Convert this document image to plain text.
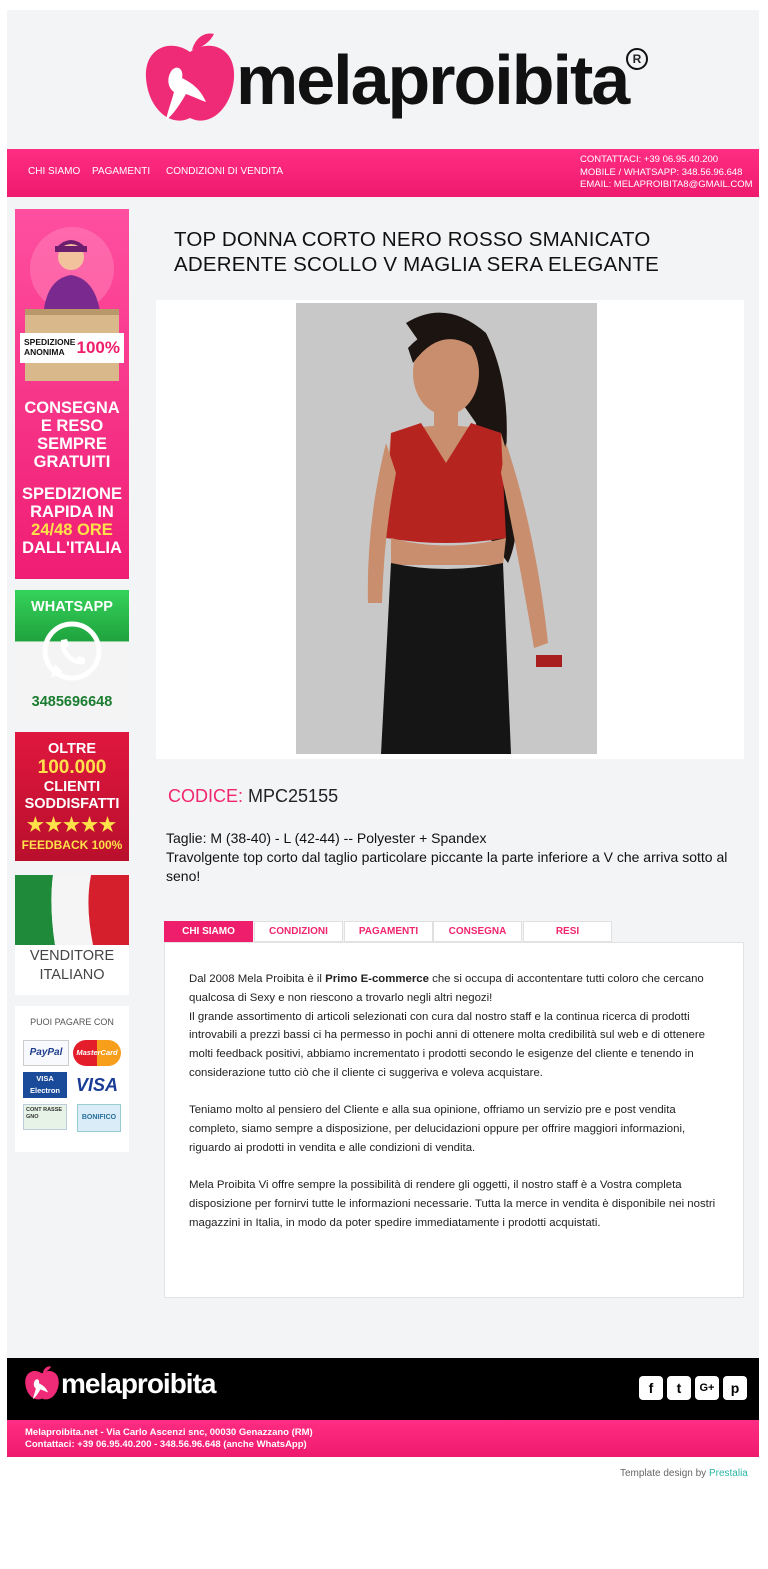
melaproibita R
CHI SIAMO PAGAMENTI CONDIZIONI DI VENDITA
CONTATTACI: +39 06.95.40.200
MOBILE / WHATSAPP: 348.56.96.648
EMAIL: MELAPROIBITA8@GMAIL.COM
SPEDIZIONE
ANONIMA 100%
CONSEGNA
E RESO
SEMPRE
GRATUITI
SPEDIZIONE
RAPIDA IN
24/48 ORE
DALL'ITALIA
WHATSAPP
3485696648
OLTRE
100.000
CLIENTI
SODDISFATTI
★★★★★
FEEDBACK 100%
VENDITORE
ITALIANO
PUOI PAGARE CON
PayPal	MasterCard
VISA Electron VISA
CONT RASSE GNO	BONIFICO
TOP DONNA CORTO NERO ROSSO SMANICATO ADERENTE SCOLLO V MAGLIA SERA ELEGANTE
CODICE: MPC25155
Taglie: M (38-40) - L (42-44) -- Polyester + Spandex
Travolgente top corto dal taglio particolare piccante la parte inferiore a V che arriva sotto al seno!
CHI SIAMO	CONDIZIONI	PAGAMENTI	CONSEGNA	RESI

Dal 2008 Mela Proibita è il Primo E-commerce che si occupa di accontentare tutti coloro che cercano qualcosa di Sexy e non riescono a trovarlo negli altri negozi!
Il grande assortimento di articoli selezionati con cura dal nostro staff e la continua ricerca di prodotti introvabili a prezzi bassi ci ha permesso in pochi anni di ottenere molta credibilità sul web e di ottenere molti feedback positivi, abbiamo incrementato i prodotti secondo le esigenze del cliente e tenendo in considerazione tutto ciò che il cliente ci suggeriva e voleva acquistare.

Teniamo molto al pensiero del Cliente e alla sua opinione, offriamo un servizio pre e post vendita completo, siamo sempre a disposizione, per delucidazioni oppure per offrire maggiori informazioni, riguardo ai prodotti in vendita e alle condizioni di vendita.

Mela Proibita Vi offre sempre la possibilità di rendere gli oggetti, il nostro staff è a Vostra completa disposizione per fornirvi tutte le informazioni necessarie. Tutta la merce in vendita è disponibile nei nostri magazzini in Italia, in modo da poter spedire immediatamente i prodotti acquistati.

melaproibita	f	t	G+	p
Melaproibita.net - Via Carlo Ascenzi snc, 00030 Genazzano (RM)
Contattaci: +39 06.95.40.200 - 348.56.96.648 (anche WhatsApp)
Template design by Prestalia
